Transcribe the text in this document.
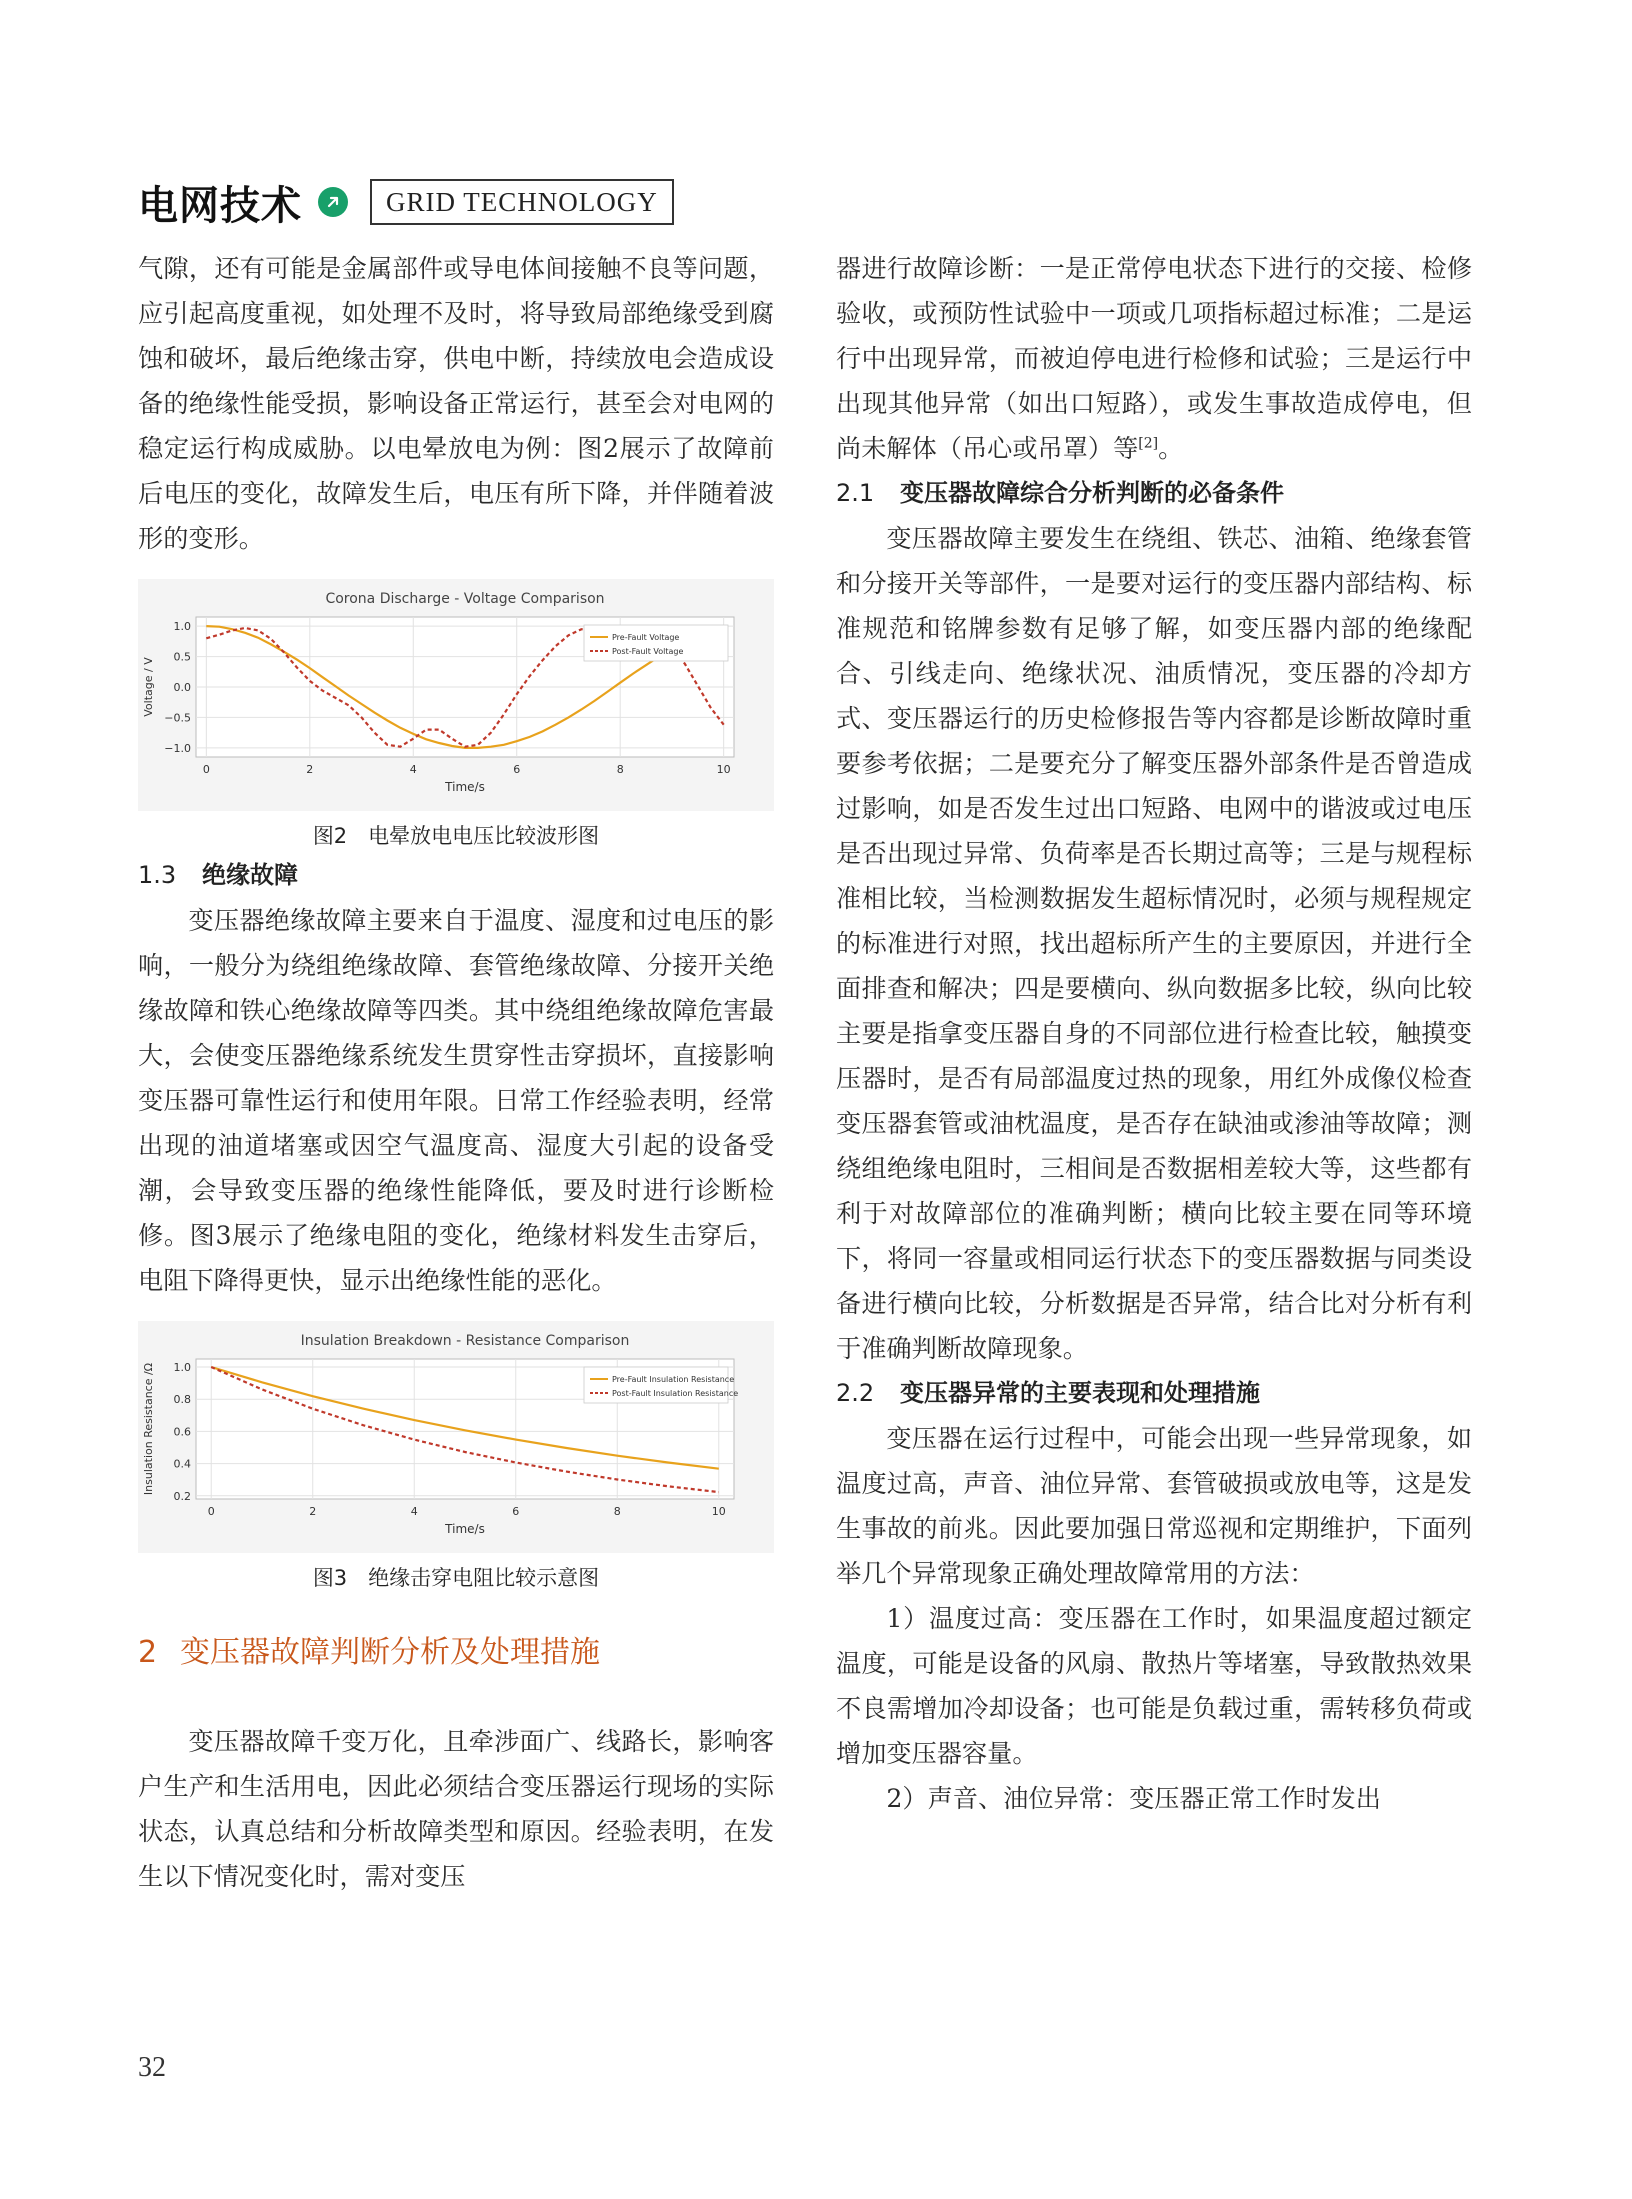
电网技术	GRID TECHNOLOGY

气隙，还有可能是金属部件或导电体间接触不良等问题，应引起高度重视，如处理不及时，将导致局部绝缘受到腐蚀和破坏，最后绝缘击穿，供电中断，持续放电会造成设备的绝缘性能受损，影响设备正常运行，甚至会对电网的稳定运行构成威胁。以电晕放电为例：图2展示了故障前后电压的变化，故障发生后，电压有所下降，并伴随着波形的变形。

Corona Discharge - Voltage Comparison
0	2	4	6	8	10
−1.0
−0.5
0.0
0.5
1.0
Time/s
Voltage / V
Pre-Fault Voltage
Post-Fault Voltage
图2　电晕放电电压比较波形图
1.3 绝缘故障

变压器绝缘故障主要来自于温度、湿度和过电压的影响，一般分为绕组绝缘故障、套管绝缘故障、分接开关绝缘故障和铁心绝缘故障等四类。其中绕组绝缘故障危害最大，会使变压器绝缘系统发生贯穿性击穿损坏，直接影响变压器可靠性运行和使用年限。日常工作经验表明，经常出现的油道堵塞或因空气温度高、湿度大引起的设备受潮，会导致变压器的绝缘性能降低，要及时进行诊断检修。图3展示了绝缘电阻的变化，绝缘材料发生击穿后，电阻下降得更快，显示出绝缘性能的恶化。

Insulation Breakdown - Resistance Comparison
0	2	4	6	8	10
0.2
0.4
0.6
0.8
1.0
Time/s
Insulation Resistance /Ω	Pre-Fault Insulation Resistance
Post-Fault Insulation Resistance
图3　绝缘击穿电阻比较示意图
2 变压器故障判断分析及处理措施

变压器故障千变万化，且牵涉面广、线路长，影响客户生产和生活用电，因此必须结合变压器运行现场的实际状态，认真总结和分析故障类型和原因。经验表明，在发生以下情况变化时，需对变压

器进行故障诊断：一是正常停电状态下进行的交接、检修验收，或预防性试验中一项或几项指标超过标准；二是运行中出现异常，而被迫停电进行检修和试验；三是运行中出现其他异常（如出口短路），或发生事故造成停电，但尚未解体（吊心或吊罩）等[2]。

2.1 变压器故障综合分析判断的必备条件

变压器故障主要发生在绕组、铁芯、油箱、绝缘套管和分接开关等部件，一是要对运行的变压器内部结构、标准规范和铭牌参数有足够了解，如变压器内部的绝缘配合、引线走向、绝缘状况、油质情况，变压器的冷却方式、变压器运行的历史检修报告等内容都是诊断故障时重要参考依据；二是要充分了解变压器外部条件是否曾造成过影响，如是否发生过出口短路、电网中的谐波或过电压是否出现过异常、负荷率是否长期过高等；三是与规程标准相比较，当检测数据发生超标情况时，必须与规程规定的标准进行对照，找出超标所产生的主要原因，并进行全面排查和解决；四是要横向、纵向数据多比较，纵向比较主要是指拿变压器自身的不同部位进行检查比较，触摸变压器时，是否有局部温度过热的现象，用红外成像仪检查变压器套管或油枕温度，是否存在缺油或渗油等故障；测绕组绝缘电阻时，三相间是否数据相差较大等，这些都有利于对故障部位的准确判断；横向比较主要在同等环境下，将同一容量或相同运行状态下的变压器数据与同类设备进行横向比较，分析数据是否异常，结合比对分析有利于准确判断故障现象。

2.2 变压器异常的主要表现和处理措施

变压器在运行过程中，可能会出现一些异常现象，如温度过高，声音、油位异常、套管破损或放电等，这是发生事故的前兆。因此要加强日常巡视和定期维护，下面列举几个异常现象正确处理故障常用的方法：

1）温度过高：变压器在工作时，如果温度超过额定温度，可能是设备的风扇、散热片等堵塞，导致散热效果不良需增加冷却设备；也可能是负载过重，需转移负荷或增加变压器容量。

2）声音、油位异常：变压器正常工作时发出

32
